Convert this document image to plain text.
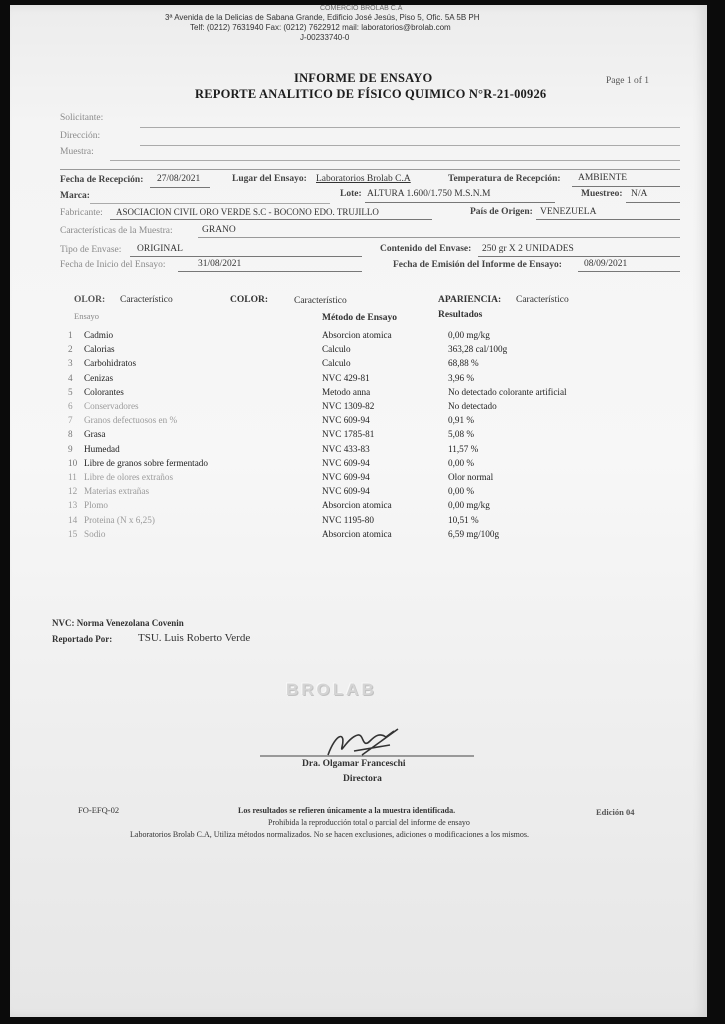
COMERCIO BROLAB C.A
3ª Avenida de la Delicias de Sabana Grande, Edificio José Jesús, Piso 5, Ofic. 5A 5B PH
Telf: (0212) 7631940 Fax: (0212) 7622912 mail: laboratorios@brolab.com
J-00233740-0
INFORME DE ENSAYO
REPORTE ANALITICO DE FÍSICO QUIMICO N°R-21-00926
Page 1 of 1
Solicitante:
Dirección:
Muestra:
Fecha de Recepción: 27/08/2021	Lugar del Ensayo: Laboratorios Brolab C.A	Temperatura de Recepción: AMBIENTE
Marca:	Lote: ALTURA 1.600/1.750 M.S.N.M	Muestreo: N/A
Fabricante: ASOCIACION CIVIL ORO VERDE S.C - BOCONO EDO. TRUJILLO	País de Origen: VENEZUELA
Características de la Muestra:	GRANO
Tipo de Envase: ORIGINAL	Contenido del Envase: 250 gr X 2 UNIDADES
Fecha de Inicio del Ensayo:	31/08/2021	Fecha de Emisión del Informe de Ensayo: 08/09/2021
OLOR: Característico	COLOR:	Característico	APARIENCIA: Característico
Ensayo	Método de Ensayo	Resultados
1	Cadmio	Absorcion atomica	0,00 mg/kg
2	Calorias	Calculo	363,28 cal/100g
3	Carbohidratos	Calculo	68,88 %
4	Cenizas	NVC 429-81	3,96 %
5	Colorantes	Metodo anna	No detectado colorante artificial
6	Conservadores	NVC 1309-82	No detectado
7	Granos defectuosos en %	NVC 609-94	0,91 %
8	Grasa	NVC 1785-81	5,08 %
9	Humedad	NVC 433-83	11,57 %
10 Libre de granos sobre fermentado	NVC 609-94	0,00 %
11 Libre de olores extraños	NVC 609-94	Olor normal
12 Materias extrañas	NVC 609-94	0,00 %
13 Plomo	Absorcion atomica	0,00 mg/kg
14 Proteina (N x 6,25)	NVC 1195-80	10,51 %
15 Sodio	Absorcion atomica	6,59 mg/100g
NVC: Norma Venezolana Covenin
Reportado Por: TSU. Luis Roberto Verde
BROLAB
Dra. Olgamar Franceschi
Directora
FO-EFQ-02	Los resultados se refieren únicamente a la muestra identificada.	Edición 04
Prohibida la reproducción total o parcial del informe de ensayo
Laboratorios Brolab C.A, Utiliza métodos normalizados. No se hacen exclusiones, adiciones o modificaciones a los mismos.
